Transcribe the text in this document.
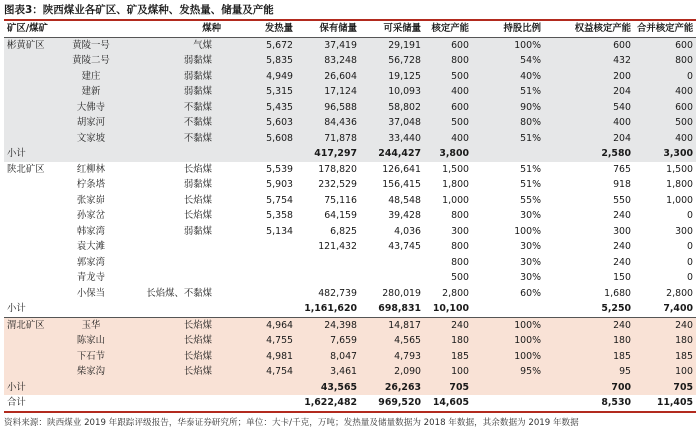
图表3：陕西煤业各矿区、矿及煤种、发热量、储量及产能
矿区/煤矿		煤种	发热量	保有储量	可采储量	核定产能	持股比例	权益核定产能	合并核定产能
彬黄矿区	黄陵一号	气煤	5,672	37,419	29,191	600	100%	600	600
	黄陵二号	弱黏煤	5,835	83,248	56,728	800	54%	432	800
	建庄	弱黏煤	4,949	26,604	19,125	500	40%	200	0
	建新	弱黏煤	5,315	17,124	10,093	400	51%	204	400
	大佛寺	不黏煤	5,435	96,588	58,802	600	90%	540	600
	胡家河	不黏煤	5,603	84,436	37,048	500	80%	400	500
	文家坡	不黏煤	5,608	71,878	33,440	400	51%	204	400
小计				417,297	244,427	3,800		2,580	3,300
陕北矿区	红柳林	长焰煤	5,539	178,820	126,641	1,500	51%	765	1,500
	柠条塔	弱黏煤	5,903	232,529	156,415	1,800	51%	918	1,800
	张家峁	长焰煤	5,754	75,116	48,548	1,000	55%	550	1,000
	孙家岔	长焰煤	5,358	64,159	39,428	800	30%	240	0
	韩家湾	弱黏煤	5,134	6,825	4,036	300	100%	300	300
	袁大滩			121,432	43,745	800	30%	240	0
	郭家湾					800	30%	240	0
	青龙寺					500	30%	150	0
	小保当	长焰煤、不黏煤		482,739	280,019	2,800	60%	1,680	2,800
小计				1,161,620	698,831	10,100		5,250	7,400
渭北矿区	玉华	长焰煤	4,964	24,398	14,817	240	100%	240	240
	陈家山	长焰煤	4,755	7,659	4,565	180	100%	180	180
	下石节	长焰煤	4,981	8,047	4,793	185	100%	185	185
	柴家沟	长焰煤	4,754	3,461	2,090	100	95%	95	100
小计				43,565	26,263	705		700	705
合计				1,622,482	969,520	14,605		8,530	11,405
资料来源：陕西煤业 2019 年跟踪评级报告，华泰证券研究所；单位：大卡/千克，万吨；发热量及储量数据为 2018 年数据，其余数据为 2019 年数据
